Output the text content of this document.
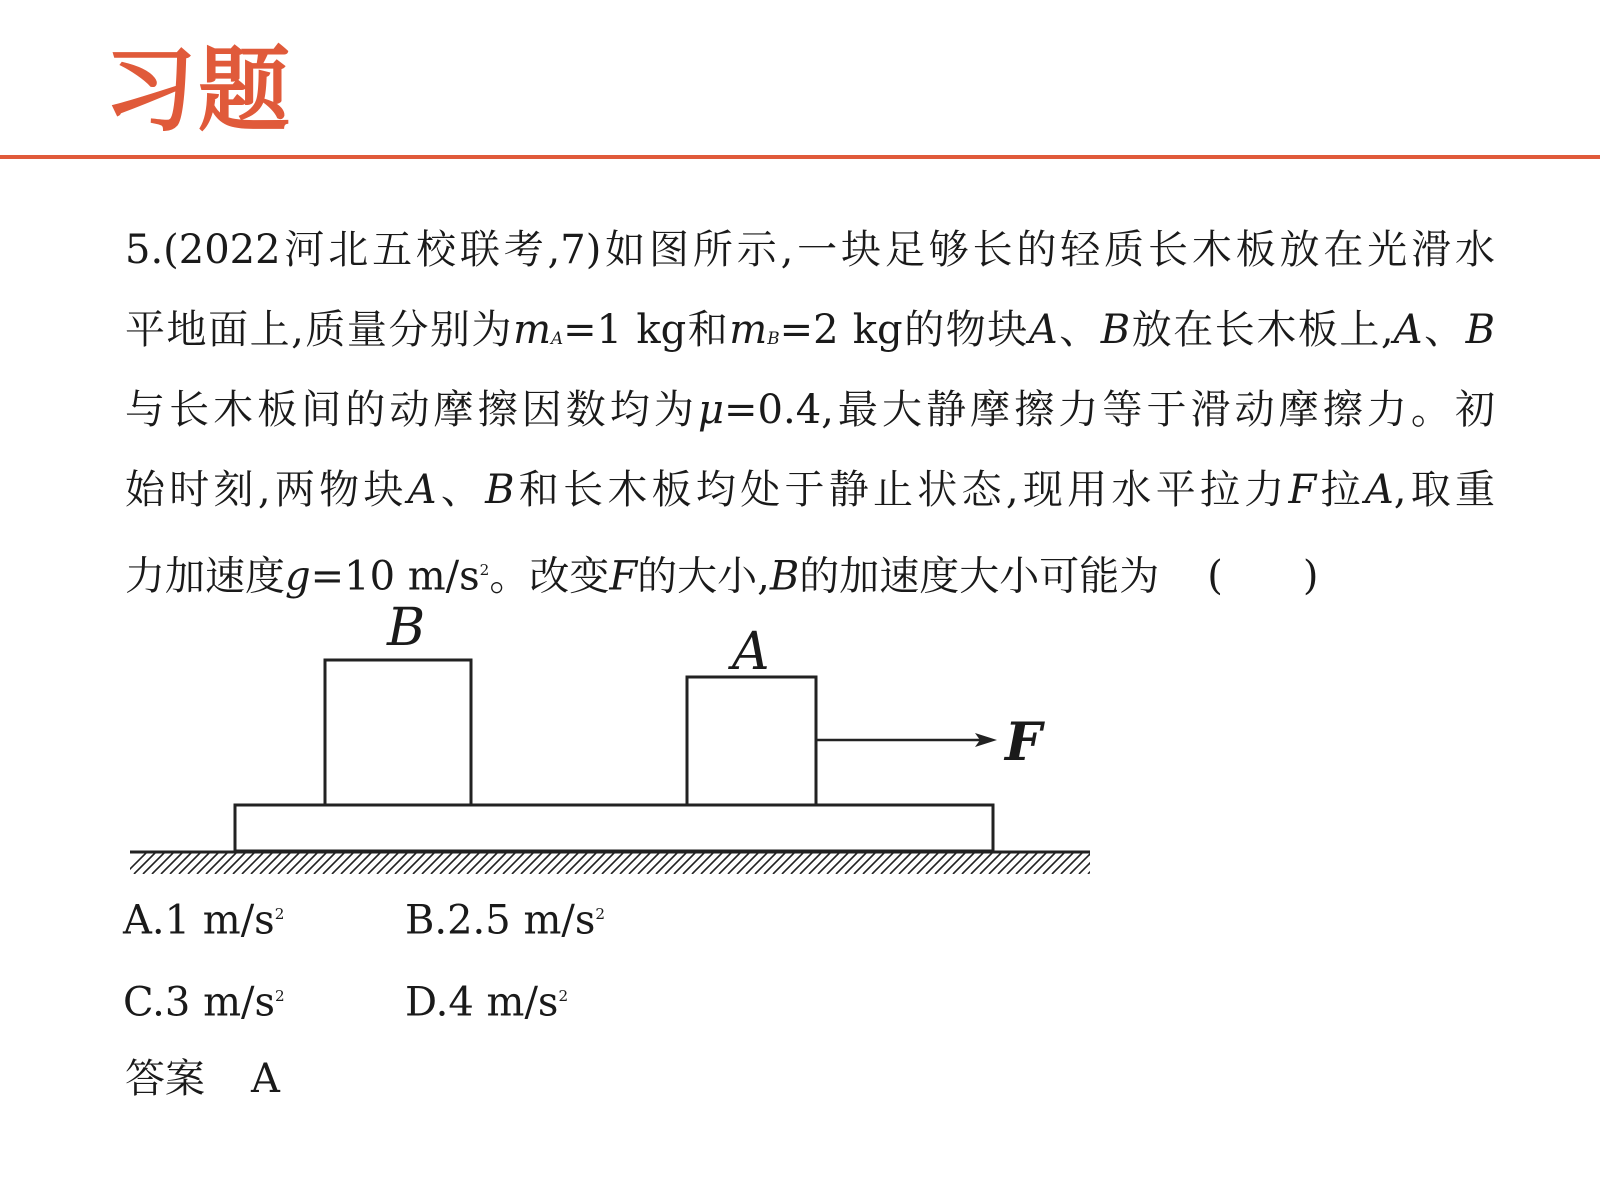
习题
5.(2022河北五校联考,7)如图所示,一块足够长的轻质长木板放在光滑水
平地面上,质量分别为mA=1 kg和mB=2 kg的物块A、B放在长木板上,A、B
与长木板间的动摩擦因数均为μ=0.4,最大静摩擦力等于滑动摩擦力。初
始时刻,两物块A、B和长木板均处于静止状态,现用水平拉力F拉A,取重
力加速度g=10 $m/s^2$。改变F的大小,B的加速度大小可能为 (　　)
B	A
F
A.1 $m/s^2$	B.2.5 $m/s^2$
C.3 $m/s^2$	D.4 $m/s^2$
答案 A
